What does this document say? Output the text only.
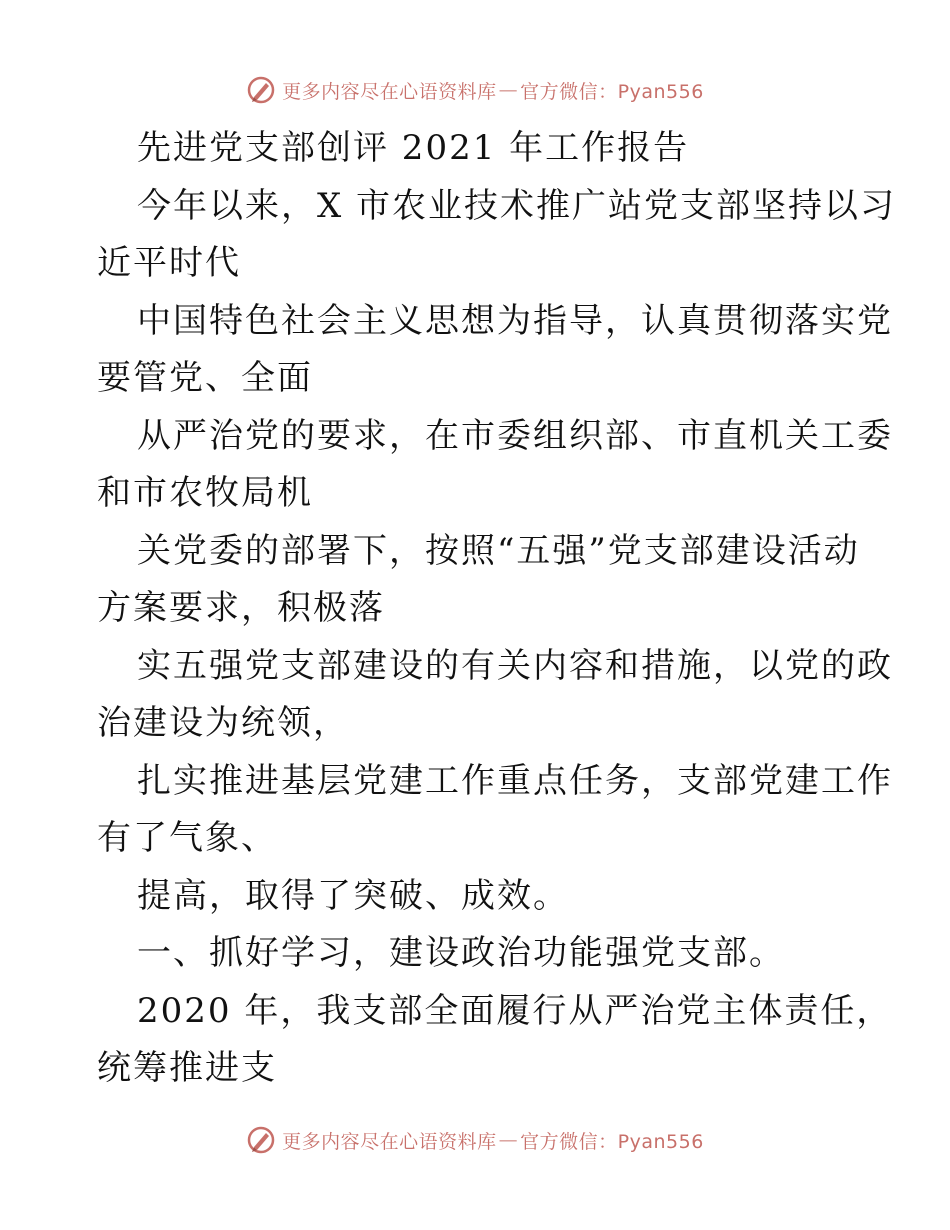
更多内容尽在心语资料库 — 官方微信：Pyan556
先进党支部创评 2021 年工作报告
今年以来，X 市农业技术推广站党支部坚持以习
近平时代
中国特色社会主义思想为指导，认真贯彻落实党
要管党、全面
从严治党的要求，在市委组织部、市直机关工委
和市农牧局机
关党委的部署下，按照“五强”党支部建设活动
方案要求，积极落
实五强党支部建设的有关内容和措施，以党的政
治建设为统领，
扎实推进基层党建工作重点任务，支部党建工作
有了气象、
提高，取得了突破、成效。
一、抓好学习，建设政治功能强党支部。
2020 年，我支部全面履行从严治党主体责任，
统筹推进支
更多内容尽在心语资料库 — 官方微信：Pyan556
